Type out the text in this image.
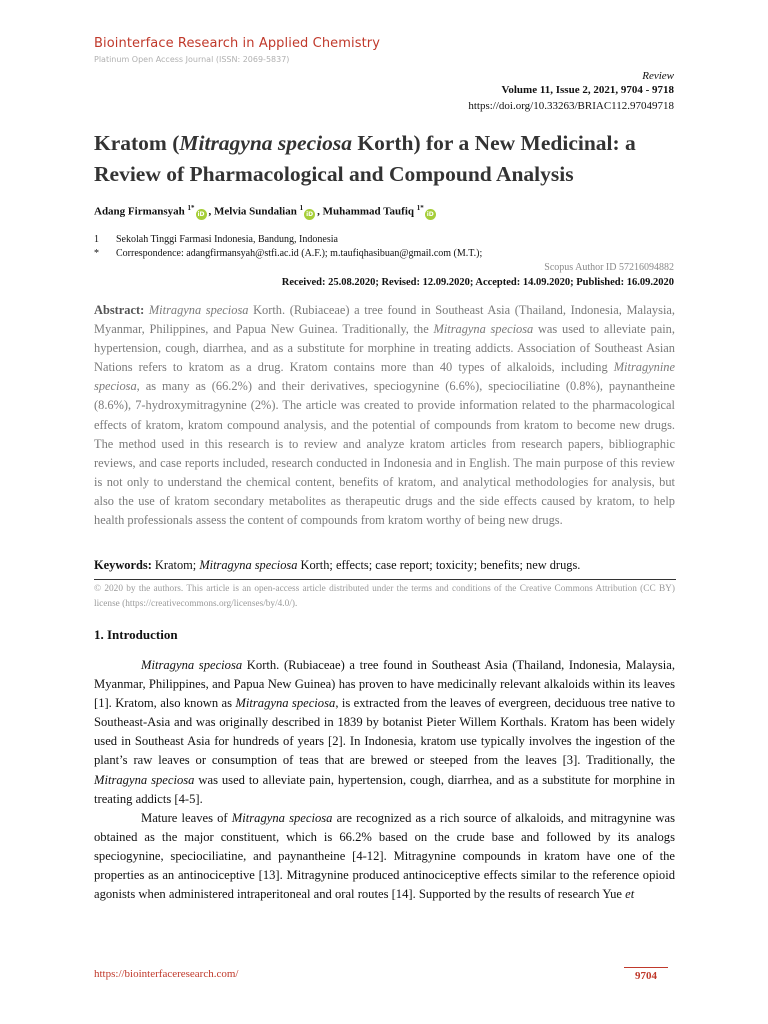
Biointerface Research in Applied Chemistry
Platinum Open Access Journal (ISSN: 2069-5837)
Review
Volume 11, Issue 2, 2021, 9704 - 9718
https://doi.org/10.33263/BRIAC112.97049718
Kratom (Mitragyna speciosa Korth) for a New Medicinal: a Review of Pharmacological and Compound Analysis
Adang Firmansyah $^{1*}$iD , Melvia Sundalian $^1$iD , Muhammad Taufiq $^{1*}$iD
1 Sekolah Tinggi Farmasi Indonesia, Bandung, Indonesia
* Correspondence: adangfirmansyah@stfi.ac.id (A.F.); m.taufiqhasibuan@gmail.com (M.T.);
Scopus Author ID 57216094882
Received: 25.08.2020; Revised: 12.09.2020; Accepted: 14.09.2020; Published: 16.09.2020

Abstract: Mitragyna speciosa Korth. (Rubiaceae) a tree found in Southeast Asia (Thailand, Indonesia, Malaysia, Myanmar, Philippines, and Papua New Guinea. Traditionally, the Mitragyna speciosa was used to alleviate pain, hypertension, cough, diarrhea, and as a substitute for morphine in treating addicts. Association of Southeast Asian Nations refers to kratom as a drug. Kratom contains more than 40 types of alkaloids, including Mitragynine speciosa, as many as (66.2%) and their derivatives, speciogynine (6.6%), speciociliatine (0.8%), paynantheine (8.6%), 7-hydroxymitragynine (2%). The article was created to provide information related to the pharmacological effects of kratom, kratom compound analysis, and the potential of compounds from kratom to become new drugs. The method used in this research is to review and analyze kratom articles from research papers, bibliographic reviews, and case reports included, research conducted in Indonesia and in English. The main purpose of this review is not only to understand the chemical content, benefits of kratom, and analytical methodologies for analysis, but also the use of kratom secondary metabolites as therapeutic drugs and the side effects caused by kratom, to help health professionals assess the content of compounds from kratom worthy of being new drugs.

Keywords: Kratom; Mitragyna speciosa Korth; effects; case report; toxicity; benefits; new drugs.

© 2020 by the authors. This article is an open-access article distributed under the terms and conditions of the Creative Commons Attribution (CC BY) license (https://creativecommons.org/licenses/by/4.0/).

1. Introduction

Mitragyna speciosa Korth. (Rubiaceae) a tree found in Southeast Asia (Thailand, Indonesia, Malaysia, Myanmar, Philippines, and Papua New Guinea) has proven to have medicinally relevant alkaloids within its leaves [1]. Kratom, also known as Mitragyna speciosa, is extracted from the leaves of evergreen, deciduous tree native to Southeast-Asia and was originally described in 1839 by botanist Pieter Willem Korthals. Kratom has been widely used in Southeast Asia for hundreds of years [2]. In Indonesia, kratom use typically involves the ingestion of the plant’s raw leaves or consumption of teas that are brewed or steeped from the leaves [3]. Traditionally, the Mitragyna speciosa was used to alleviate pain, hypertension, cough, diarrhea, and as a substitute for morphine in treating addicts [4-5].

Mature leaves of Mitragyna speciosa are recognized as a rich source of alkaloids, and mitragynine was obtained as the major constituent, which is 66.2% based on the crude base and followed by its analogs speciogynine, speciociliatine, and paynantheine [4-12]. Mitragynine compounds in kratom have one of the properties as an antinociceptive [13]. Mitragynine produced antinociceptive effects similar to the reference opioid agonists when administered intraperitoneal and oral routes [14]. Supported by the results of research Yue et

https://biointerfaceresearch.com/	9704
